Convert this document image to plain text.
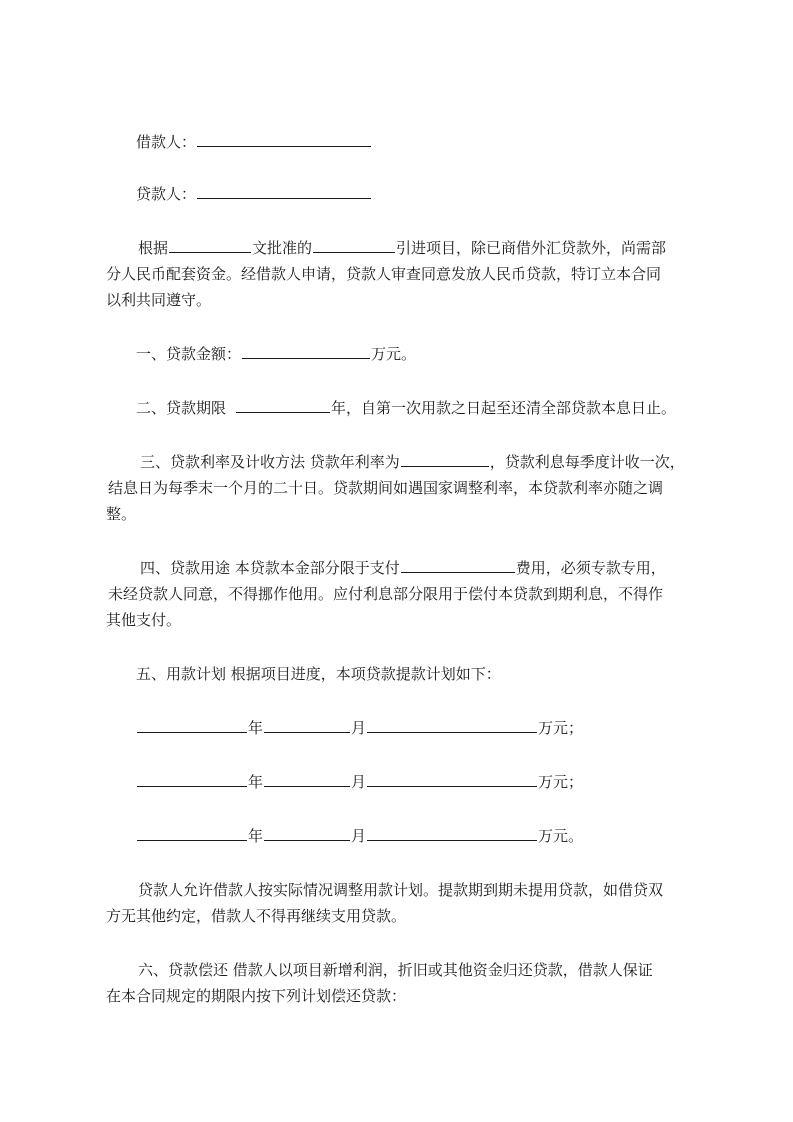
借款人：
贷款人：
根据	文批准的	引进项目，除已商借外汇贷款外，尚需部
分人民币配套资金。经借款人申请，贷款人审查同意发放人民币贷款，特订立本合同
以利共同遵守。
一、贷款金额：	万元。
二、贷款期限	年，自第一次用款之日起至还清全部贷款本息日止。
三、贷款利率及计收方法 贷款年利率为	，贷款利息每季度计收一次，
结息日为每季末一个月的二十日。贷款期间如遇国家调整利率，本贷款利率亦随之调
整。
四、贷款用途 本贷款本金部分限于支付	费用，必须专款专用，
未经贷款人同意，不得挪作他用。应付利息部分限用于偿付本贷款到期利息，不得作
其他支付。
五、用款计划 根据项目进度，本项贷款提款计划如下：
年	月	万元；
年	月	万元；
年	月	万元。
贷款人允许借款人按实际情况调整用款计划。提款期到期未提用贷款，如借贷双
方无其他约定，借款人不得再继续支用贷款。
六、贷款偿还 借款人以项目新增利润，折旧或其他资金归还贷款，借款人保证
在本合同规定的期限内按下列计划偿还贷款：
